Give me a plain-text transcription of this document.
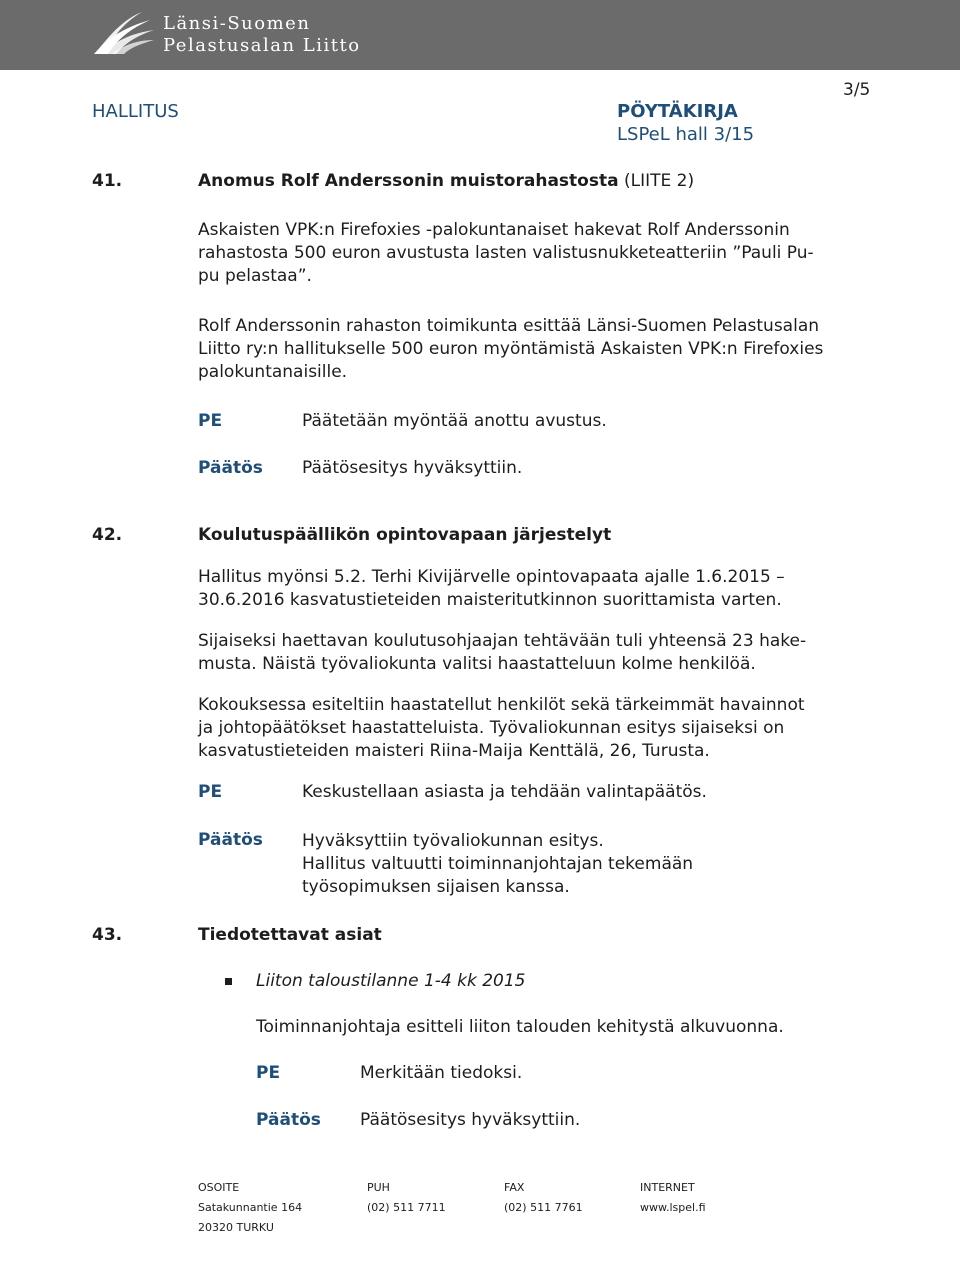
Länsi-Suomen
Pelastusalan Liitto
3/5
HALLITUS	PÖYTÄKIRJA
LSPeL hall 3/15
41.	Anomus Rolf Anderssonin muistorahastosta (LIITE 2)
Askaisten VPK:n Firefoxies -palokuntanaiset hakevat Rolf Anderssonin
rahastosta 500 euron avustusta lasten valistusnukketeatteriin ”Pauli Pu-
pu pelastaa”.
Rolf Anderssonin rahaston toimikunta esittää Länsi-Suomen Pelastusalan
Liitto ry:n hallitukselle 500 euron myöntämistä Askaisten VPK:n Firefoxies
palokuntanaisille.
PE	Päätetään myöntää anottu avustus.
Päätös Päätösesitys hyväksyttiin.
42.	Koulutuspäällikön opintovapaan järjestelyt
Hallitus myönsi 5.2. Terhi Kivijärvelle opintovapaata ajalle 1.6.2015 –
30.6.2016 kasvatustieteiden maisteritutkinnon suorittamista varten.
Sijaiseksi haettavan koulutusohjaajan tehtävään tuli yhteensä 23 hake-
musta. Näistä työvaliokunta valitsi haastatteluun kolme henkilöä.
Kokouksessa esiteltiin haastatellut henkilöt sekä tärkeimmät havainnot
ja johtopäätökset haastatteluista. Työvaliokunnan esitys sijaiseksi on
kasvatustieteiden maisteri Riina-Maija Kenttälä, 26, Turusta.
PE	Keskustellaan asiasta ja tehdään valintapäätös.
Päätös Hyväksyttiin työvaliokunnan esitys.
Hallitus valtuutti toiminnanjohtajan tekemään
työsopimuksen sijaisen kanssa.
43.	Tiedotettavat asiat
Liiton taloustilanne 1-4 kk 2015
Toiminnanjohtaja esitteli liiton talouden kehitystä alkuvuonna.
PE	Merkitään tiedoksi.
Päätös Päätösesitys hyväksyttiin.
OSOITE	PUH	FAX	INTERNET
Satakunnantie 164	(02) 511 7711	(02) 511 7761	www.lspel.fi
20320 TURKU
